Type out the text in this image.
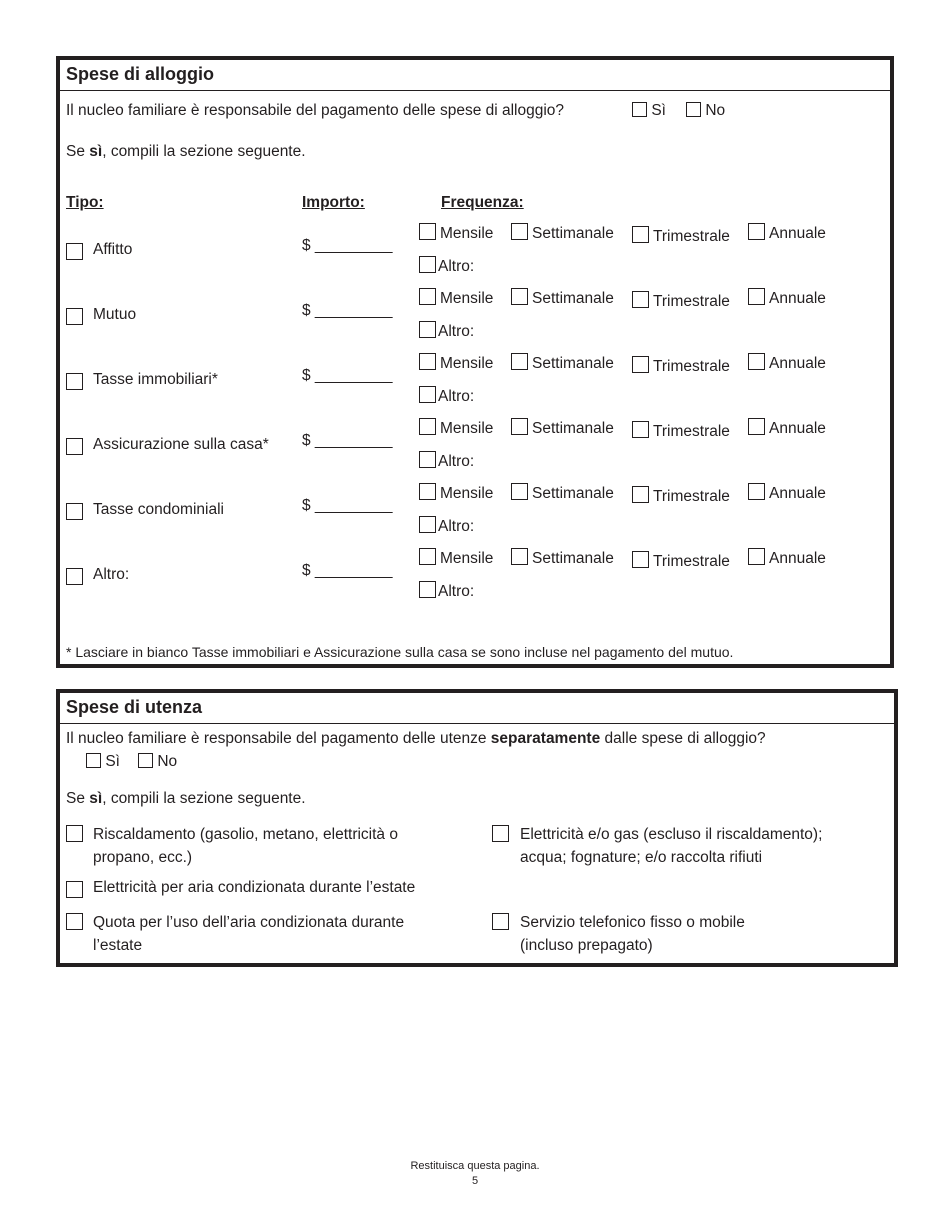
Spese di alloggio
Il nucleo familiare è responsabile del pagamento delle spese di alloggio?	Sì	No
Se sì, compili la sezione seguente.
Tipo:	Importo:	Frequenza:
Affitto	$ _________
Mensile	Settimanale	Trimestrale	Annuale
Altro:
Mutuo	$ _________
Mensile	Settimanale	Trimestrale	Annuale
Altro:
Tasse immobiliari*	$ _________
Mensile	Settimanale	Trimestrale	Annuale
Altro:
Assicurazione sulla casa* $ _________
Mensile	Settimanale	Trimestrale	Annuale
Altro:
Tasse condominiali	$ _________
Mensile	Settimanale	Trimestrale	Annuale
Altro:
Altro:	$ _________
Mensile	Settimanale	Trimestrale	Annuale
Altro:
* Lasciare in bianco Tasse immobiliari e Assicurazione sulla casa se sono incluse nel pagamento del mutuo.
Spese di utenza
Il nucleo familiare è responsabile del pagamento delle utenze separatamente dalle spese di alloggio?
Sì	No
Se sì, compili la sezione seguente.
Riscaldamento (gasolio, metano, elettricità o
propano, ecc.)
Elettricità e/o gas (escluso il riscaldamento);
acqua; fognature; e/o raccolta rifiuti
Elettricità per aria condizionata durante l’estate
Quota per l’uso dell’aria condizionata durante
l’estate
Servizio telefonico fisso o mobile
(incluso prepagato)
Restituisca questa pagina.
5
